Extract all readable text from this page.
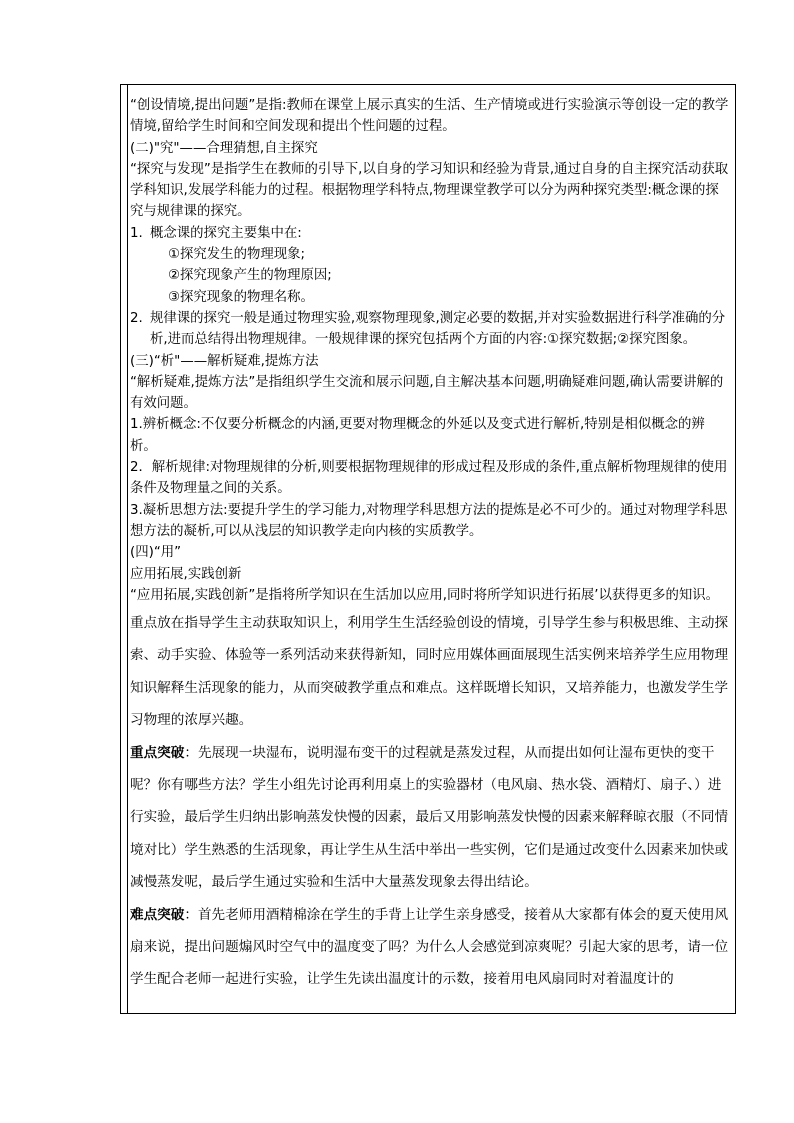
“创设情境,提出问题”是指:教师在课堂上展示真实的生活、生产情境或进行实验演示等创设一定的教学情境,留给学生时间和空间发现和提出个性问题的过程。

(二)"究"——合理猜想,自主探究

“探究与发现”是指学生在教师的引导下,以自身的学习知识和经验为背景,通过自身的自主探究活动获取学科知识,发展学科能力的过程。根据物理学科特点,物理课堂教学可以分为两种探究类型:概念课的探究与规律课的探究。

1. 概念课的探究主要集中在:
①探究发生的物理现象;
②探究现象产生的物理原因;
③探究现象的物理名称。
2. 规律课的探究一般是通过物理实验,观察物理现象,测定必要的数据,并对实验数据进行科学准确的分析,进而总结得出物理规律。一般规律课的探究包括两个方面的内容:①探究数据;②探究图象。

(三)“析"——解析疑难,提炼方法

“解析疑难,提炼方法”是指组织学生交流和展示问题,自主解决基本问题,明确疑难问题,确认需要讲解的有效问题。

1.辨析概念:不仅要分析概念的内涵,更要对物理概念的外延以及变式进行解析,特别是相似概念的辨析。

2．解析规律:对物理规律的分析,则要根据物理规律的形成过程及形成的条件,重点解析物理规律的使用条件及物理量之间的关系。

3.凝析思想方法:要提升学生的学习能力,对物理学科思想方法的提炼是必不可少的。通过对物理学科思想方法的凝析,可以从浅层的知识教学走向内核的实质教学。

(四)“用”

应用拓展,实践创新

“应用拓展,实践创新”是指将所学知识在生活加以应用,同时将所学知识进行拓展’以获得更多的知识。

重点放在指导学生主动获取知识上，利用学生生活经验创设的情境，引导学生参与积极思维、主动探索、动手实验、体验等一系列活动来获得新知，同时应用媒体画面展现生活实例来培养学生应用物理知识解释生活现象的能力，从而突破教学重点和难点。这样既增长知识，又培养能力，也激发学生学习物理的浓厚兴趣。

重点突破：先展现一块湿布，说明湿布变干的过程就是蒸发过程，从而提出如何让湿布更快的变干呢？你有哪些方法？学生小组先讨论再利用桌上的实验器材（电风扇、热水袋、酒精灯、扇子、）进行实验，最后学生归纳出影响蒸发快慢的因素，最后又用影响蒸发快慢的因素来解释晾衣服（不同情境对比）学生熟悉的生活现象，再让学生从生活中举出一些实例，它们是通过改变什么因素来加快或减慢蒸发呢，最后学生通过实验和生活中大量蒸发现象去得出结论。

难点突破：首先老师用酒精棉涂在学生的手背上让学生亲身感受，接着从大家都有体会的夏天使用风扇来说，提出问题煽风时空气中的温度变了吗？为什么人会感觉到凉爽呢？引起大家的思考，请一位学生配合老师一起进行实验，让学生先读出温度计的示数，接着用电风扇同时对着温度计的
